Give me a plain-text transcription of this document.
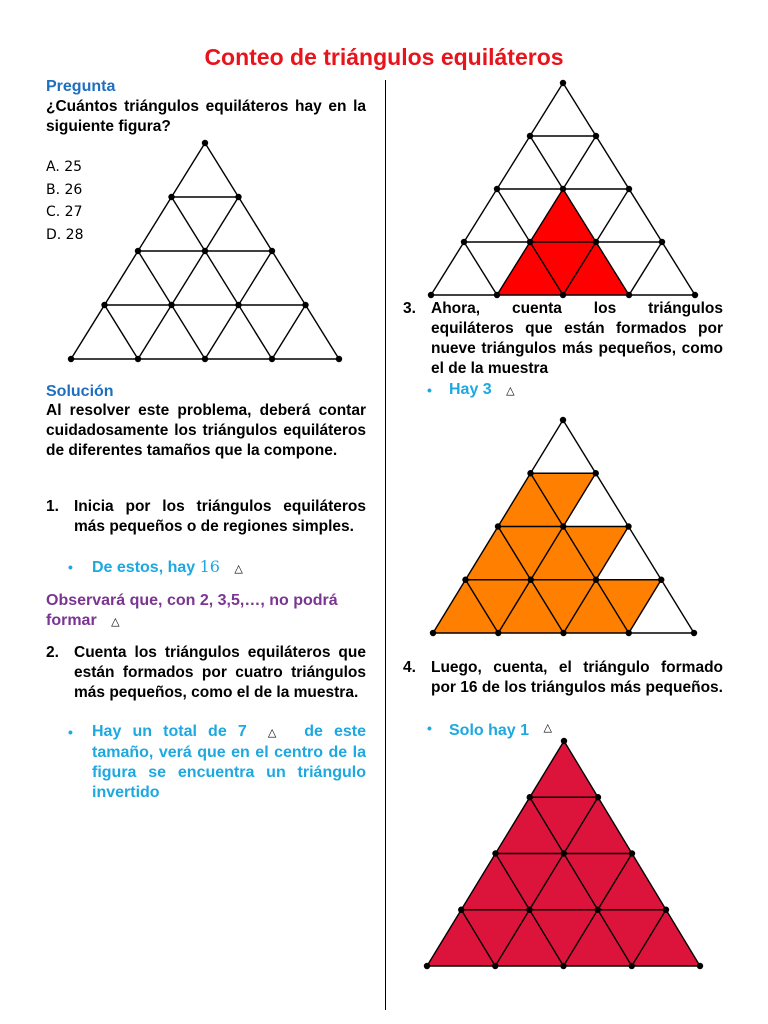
Conteo de triángulos equiláteros
Pregunta
¿Cuántos triángulos equiláteros hay en la siguiente figura?
A. 25
B. 26
C. 27
D. 28
Solución
Al resolver este problema, deberá contar cuidadosamente los triángulos equiláteros de diferentes tamaños que la compone.
1. Inicia por los triángulos equiláteros más pequeños o de regiones simples.
• De estos, hay 16 △
Observará que, con 2, 3,5,…, no podrá formar △
2. Cuenta los triángulos equiláteros que están formados por cuatro triángulos más pequeños, como el de la muestra.
• Hay un total de 7 △ de este tamaño, verá que en el centro de la figura se encuentra un triángulo invertido
3. Ahora, cuenta los triángulos equiláteros que están formados por nueve triángulos más pequeños, como el de la muestra
• Hay 3 △
4. Luego, cuenta, el triángulo formado por 16 de los triángulos más pequeños.
• Solo hay 1 △
